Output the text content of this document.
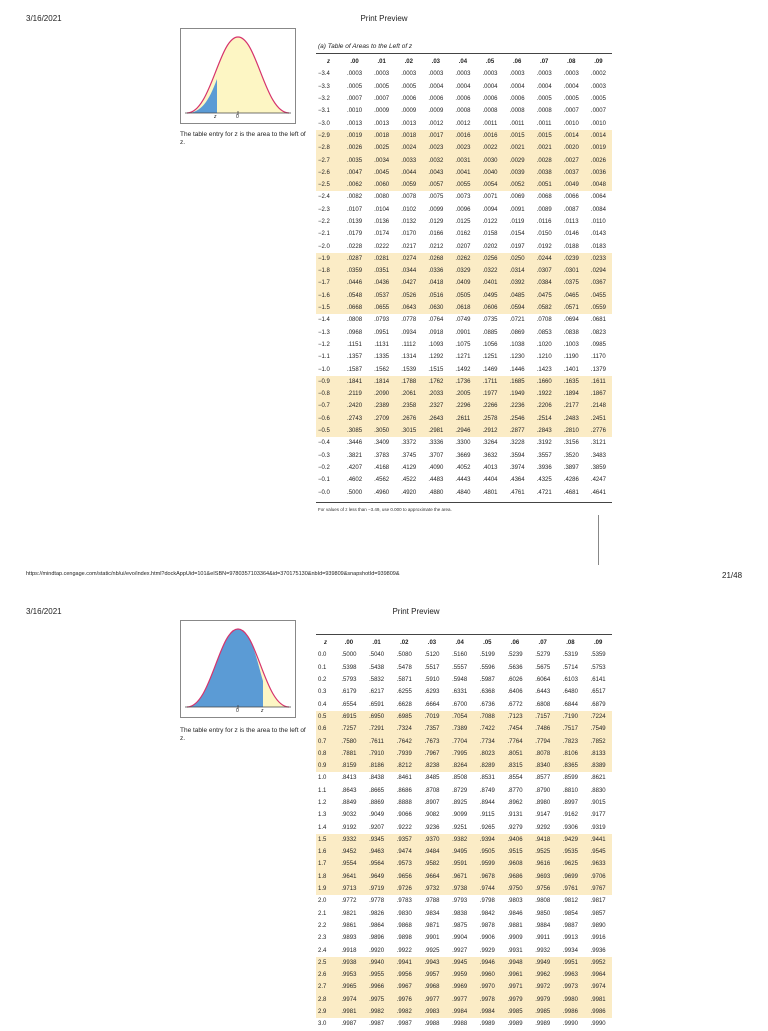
3/16/2021	Print Preview
z	0
The table entry for z is the area to the left of z.
(a) Table of Areas to the Left of z
z	.00	.01	.02	.03	.04	.05	.06	.07	.08	.09
−3.4	.0003	.0003	.0003	.0003	.0003	.0003	.0003	.0003	.0003	.0002
−3.3	.0005	.0005	.0005	.0004	.0004	.0004	.0004	.0004	.0004	.0003
−3.2	.0007	.0007	.0006	.0006	.0006	.0006	.0006	.0005	.0005	.0005
−3.1	.0010	.0009	.0009	.0009	.0008	.0008	.0008	.0008	.0007	.0007
−3.0	.0013	.0013	.0013	.0012	.0012	.0011	.0011	.0011	.0010	.0010
−2.9	.0019	.0018	.0018	.0017	.0016	.0016	.0015	.0015	.0014	.0014
−2.8	.0026	.0025	.0024	.0023	.0023	.0022	.0021	.0021	.0020	.0019
−2.7	.0035	.0034	.0033	.0032	.0031	.0030	.0029	.0028	.0027	.0026
−2.6	.0047	.0045	.0044	.0043	.0041	.0040	.0039	.0038	.0037	.0036
−2.5	.0062	.0060	.0059	.0057	.0055	.0054	.0052	.0051	.0049	.0048
−2.4	.0082	.0080	.0078	.0075	.0073	.0071	.0069	.0068	.0066	.0064
−2.3	.0107	.0104	.0102	.0099	.0096	.0094	.0091	.0089	.0087	.0084
−2.2	.0139	.0136	.0132	.0129	.0125	.0122	.0119	.0116	.0113	.0110
−2.1	.0179	.0174	.0170	.0166	.0162	.0158	.0154	.0150	.0146	.0143
−2.0	.0228	.0222	.0217	.0212	.0207	.0202	.0197	.0192	.0188	.0183
−1.9	.0287	.0281	.0274	.0268	.0262	.0256	.0250	.0244	.0239	.0233
−1.8	.0359	.0351	.0344	.0336	.0329	.0322	.0314	.0307	.0301	.0294
−1.7	.0446	.0436	.0427	.0418	.0409	.0401	.0392	.0384	.0375	.0367
−1.6	.0548	.0537	.0526	.0516	.0505	.0495	.0485	.0475	.0465	.0455
−1.5	.0668	.0655	.0643	.0630	.0618	.0606	.0594	.0582	.0571	.0559
−1.4	.0808	.0793	.0778	.0764	.0749	.0735	.0721	.0708	.0694	.0681
−1.3	.0968	.0951	.0934	.0918	.0901	.0885	.0869	.0853	.0838	.0823
−1.2	.1151	.1131	.1112	.1093	.1075	.1056	.1038	.1020	.1003	.0985
−1.1	.1357	.1335	.1314	.1292	.1271	.1251	.1230	.1210	.1190	.1170
−1.0	.1587	.1562	.1539	.1515	.1492	.1469	.1446	.1423	.1401	.1379
−0.9	.1841	.1814	.1788	.1762	.1736	.1711	.1685	.1660	.1635	.1611
−0.8	.2119	.2090	.2061	.2033	.2005	.1977	.1949	.1922	.1894	.1867
−0.7	.2420	.2389	.2358	.2327	.2296	.2266	.2236	.2206	.2177	.2148
−0.6	.2743	.2709	.2676	.2643	.2611	.2578	.2546	.2514	.2483	.2451
−0.5	.3085	.3050	.3015	.2981	.2946	.2912	.2877	.2843	.2810	.2776
−0.4	.3446	.3409	.3372	.3336	.3300	.3264	.3228	.3192	.3156	.3121
−0.3	.3821	.3783	.3745	.3707	.3669	.3632	.3594	.3557	.3520	.3483
−0.2	.4207	.4168	.4129	.4090	.4052	.4013	.3974	.3936	.3897	.3859
−0.1	.4602	.4562	.4522	.4483	.4443	.4404	.4364	.4325	.4286	.4247
−0.0	.5000	.4960	.4920	.4880	.4840	.4801	.4761	.4721	.4681	.4641
For values of z less than −3.49, use 0.000 to approximate the area.
https://mindtap.cengage.com/static/nb/ui/evo/index.html?dockAppUid=101&eISBN=9780357103364&id=370175130&nbId=939809&snapshotId=939809&	21/48
3/16/2021	Print Preview
0	z
The table entry for z is the area to the left of z.
z	.00	.01	.02	.03	.04	.05	.06	.07	.08	.09
0.0	.5000	.5040	.5080	.5120	.5160	.5199	.5239	.5279	.5319	.5359
0.1	.5398	.5438	.5478	.5517	.5557	.5596	.5636	.5675	.5714	.5753
0.2	.5793	.5832	.5871	.5910	.5948	.5987	.6026	.6064	.6103	.6141
0.3	.6179	.6217	.6255	.6293	.6331	.6368	.6406	.6443	.6480	.6517
0.4	.6554	.6591	.6628	.6664	.6700	.6736	.6772	.6808	.6844	.6879
0.5	.6915	.6950	.6985	.7019	.7054	.7088	.7123	.7157	.7190	.7224
0.6	.7257	.7291	.7324	.7357	.7389	.7422	.7454	.7486	.7517	.7549
0.7	.7580	.7611	.7642	.7673	.7704	.7734	.7764	.7794	.7823	.7852
0.8	.7881	.7910	.7939	.7967	.7995	.8023	.8051	.8078	.8106	.8133
0.9	.8159	.8186	.8212	.8238	.8264	.8289	.8315	.8340	.8365	.8389
1.0	.8413	.8438	.8461	.8485	.8508	.8531	.8554	.8577	.8599	.8621
1.1	.8643	.8665	.8686	.8708	.8729	.8749	.8770	.8790	.8810	.8830
1.2	.8849	.8869	.8888	.8907	.8925	.8944	.8962	.8980	.8997	.9015
1.3	.9032	.9049	.9066	.9082	.9099	.9115	.9131	.9147	.9162	.9177
1.4	.9192	.9207	.9222	.9236	.9251	.9265	.9279	.9292	.9306	.9319
1.5	.9332	.9345	.9357	.9370	.9382	.9394	.9406	.9418	.9429	.9441
1.6	.9452	.9463	.9474	.9484	.9495	.9505	.9515	.9525	.9535	.9545
1.7	.9554	.9564	.9573	.9582	.9591	.9599	.9608	.9616	.9625	.9633
1.8	.9641	.9649	.9656	.9664	.9671	.9678	.9686	.9693	.9699	.9706
1.9	.9713	.9719	.9726	.9732	.9738	.9744	.9750	.9756	.9761	.9767
2.0	.9772	.9778	.9783	.9788	.9793	.9798	.9803	.9808	.9812	.9817
2.1	.9821	.9826	.9830	.9834	.9838	.9842	.9846	.9850	.9854	.9857
2.2	.9861	.9864	.9868	.9871	.9875	.9878	.9881	.9884	.9887	.9890
2.3	.9893	.9896	.9898	.9901	.9904	.9906	.9909	.9911	.9913	.9916
2.4	.9918	.9920	.9922	.9925	.9927	.9929	.9931	.9932	.9934	.9936
2.5	.9938	.9940	.9941	.9943	.9945	.9946	.9948	.9949	.9951	.9952
2.6	.9953	.9955	.9956	.9957	.9959	.9960	.9961	.9962	.9963	.9964
2.7	.9965	.9966	.9967	.9968	.9969	.9970	.9971	.9972	.9973	.9974
2.8	.9974	.9975	.9976	.9977	.9977	.9978	.9979	.9979	.9980	.9981
2.9	.9981	.9982	.9982	.9983	.9984	.9984	.9985	.9985	.9986	.9986
3.0	.9987	.9987	.9987	.9988	.9988	.9989	.9989	.9989	.9990	.9990
